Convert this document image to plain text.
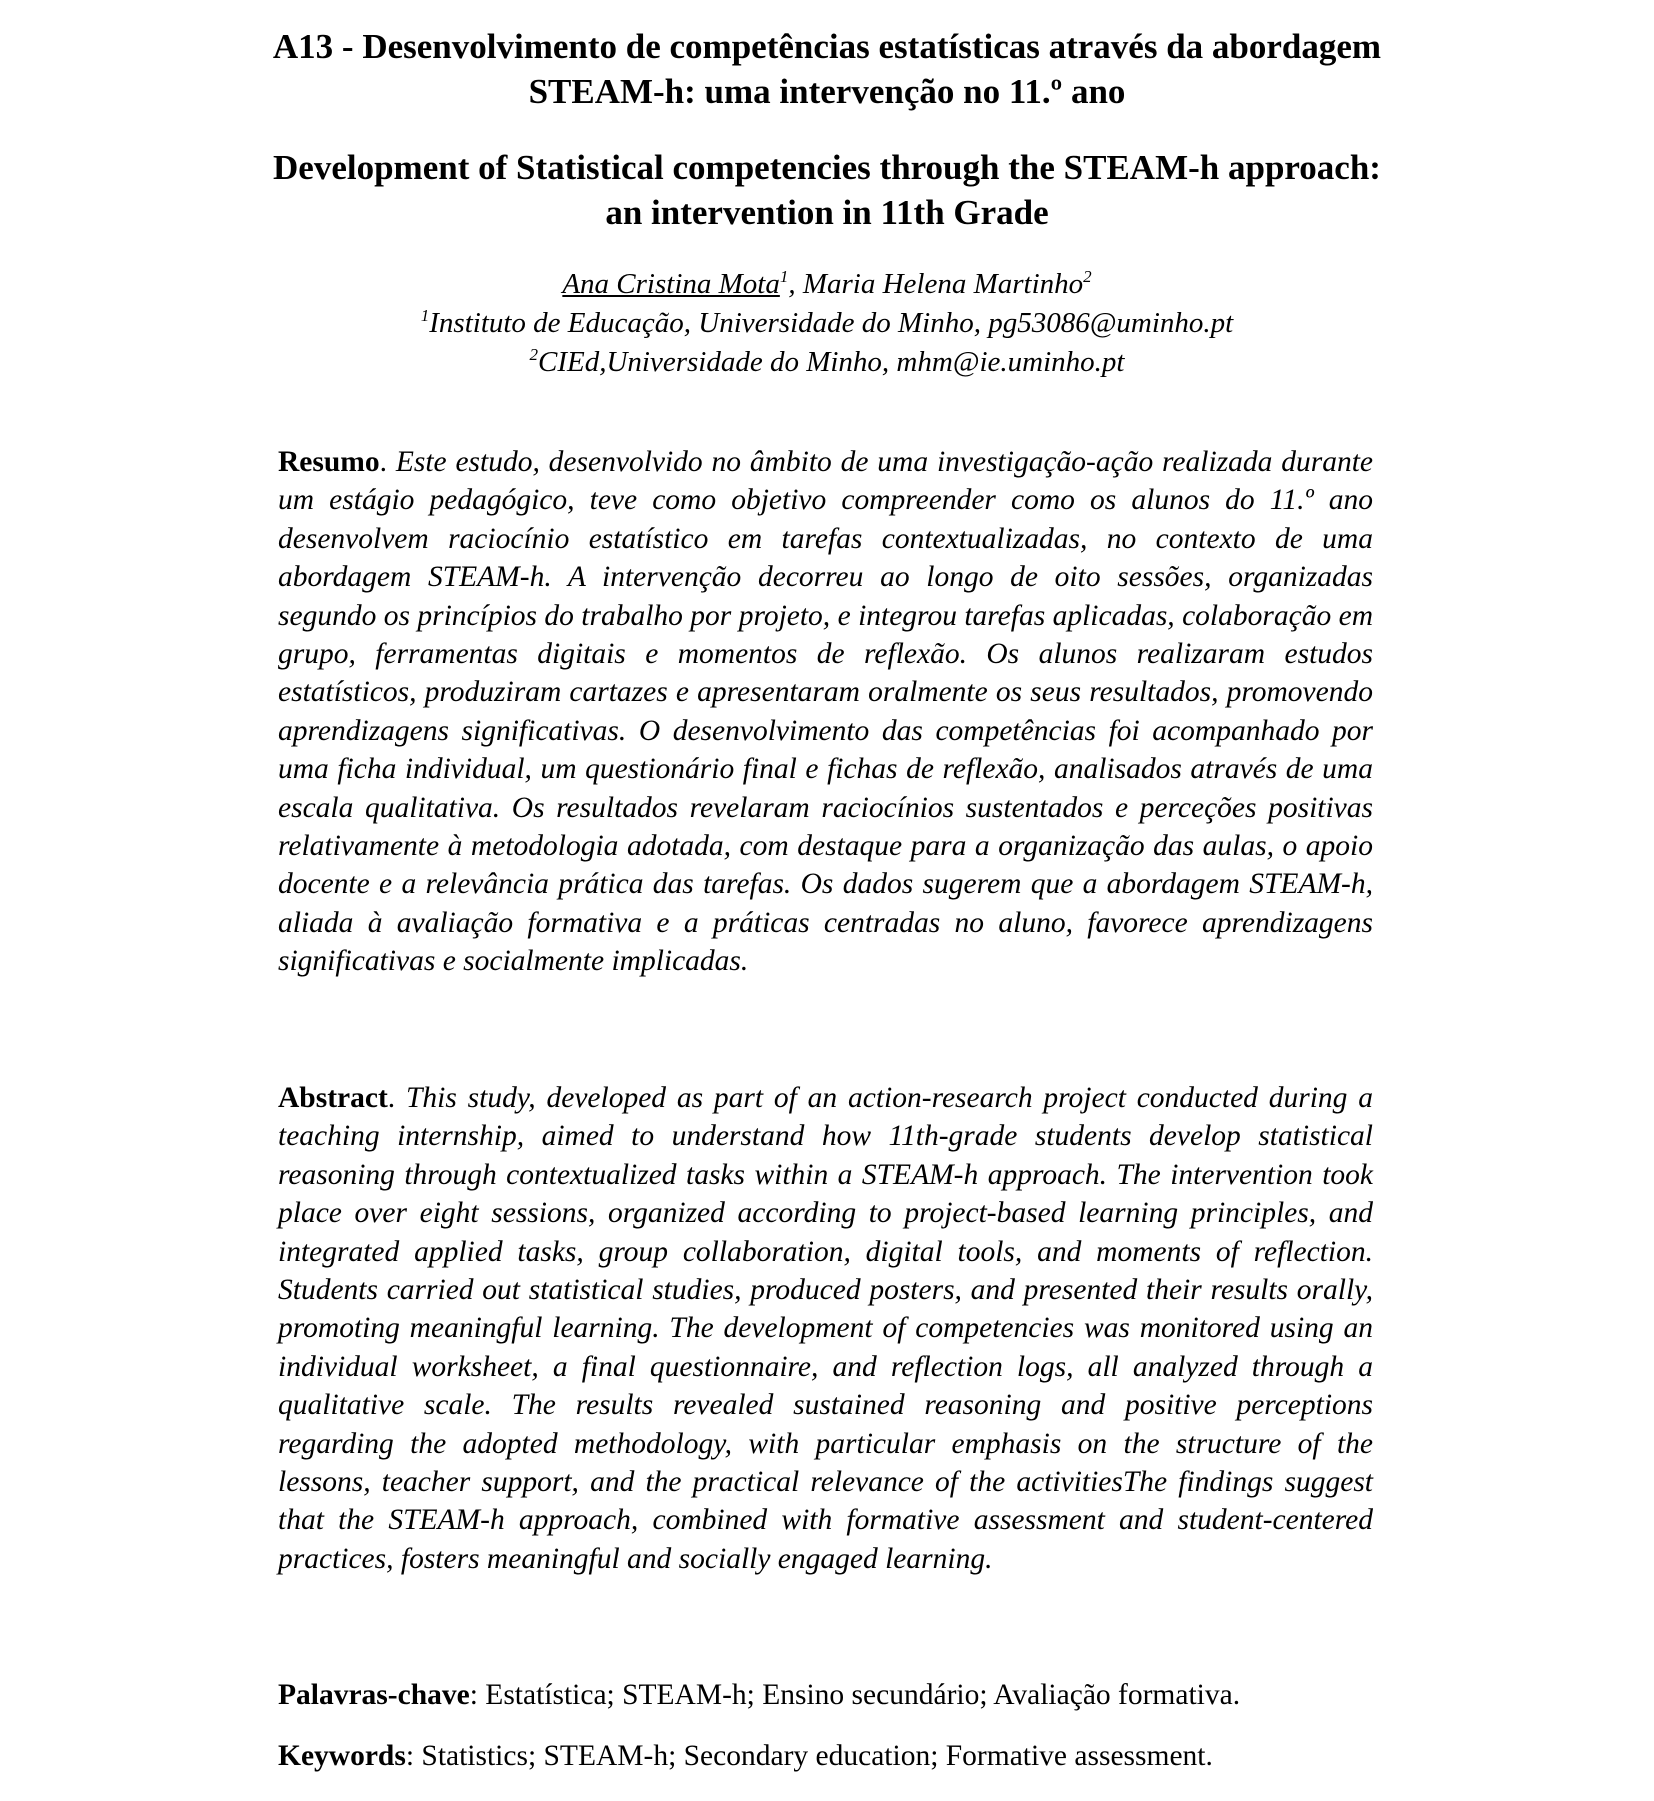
A13 - Desenvolvimento de competências estatísticas através da abordagem
STEAM-h: uma intervenção no 11.º ano
Development of Statistical competencies through the STEAM-h approach:
an intervention in 11th Grade
Ana Cristina Mota$^1$, Maria Helena Martinho$^2$
$^1$Instituto de Educação, Universidade do Minho, pg53086@uminho.pt
$^2$CIEd,Universidade do Minho, mhm@ie.uminho.pt

Resumo. Este estudo, desenvolvido no âmbito de uma investigação-ação realizada durante um estágio pedagógico, teve como objetivo compreender como os alunos do 11.º ano desenvolvem raciocínio estatístico em tarefas contextualizadas, no contexto de uma abordagem STEAM-h. A intervenção decorreu ao longo de oito sessões, organizadas segundo os princípios do trabalho por projeto, e integrou tarefas aplicadas, colaboração em grupo, ferramentas digitais e momentos de reflexão. Os alunos realizaram estudos estatísticos, produziram cartazes e apresentaram oralmente os seus resultados, promovendo aprendizagens significativas. O desenvolvimento das competências foi acompanhado por uma ficha individual, um questionário final e fichas de reflexão, analisados através de uma escala qualitativa. Os resultados revelaram raciocínios sustentados e perceções positivas relativamente à metodologia adotada, com destaque para a organização das aulas, o apoio docente e a relevância prática das tarefas. Os dados sugerem que a abordagem STEAM-h, aliada à avaliação formativa e a práticas centradas no aluno, favorece aprendizagens significativas e socialmente implicadas.

Abstract. This study, developed as part of an action-research project conducted during a teaching internship, aimed to understand how 11th-grade students develop statistical reasoning through contextualized tasks within a STEAM-h approach. The intervention took place over eight sessions, organized according to project-based learning principles, and integrated applied tasks, group collaboration, digital tools, and moments of reflection. Students carried out statistical studies, produced posters, and presented their results orally, promoting meaningful learning. The development of competencies was monitored using an individual worksheet, a final questionnaire, and reflection logs, all analyzed through a qualitative scale. The results revealed sustained reasoning and positive perceptions regarding the adopted methodology, with particular emphasis on the structure of the lessons, teacher support, and the practical relevance of the activitiesThe findings suggest that the STEAM-h approach, combined with formative assessment and student-centered practices, fosters meaningful and socially engaged learning.

Palavras-chave: Estatística; STEAM-h; Ensino secundário; Avaliação formativa.

Keywords: Statistics; STEAM-h; Secondary education; Formative assessment.
